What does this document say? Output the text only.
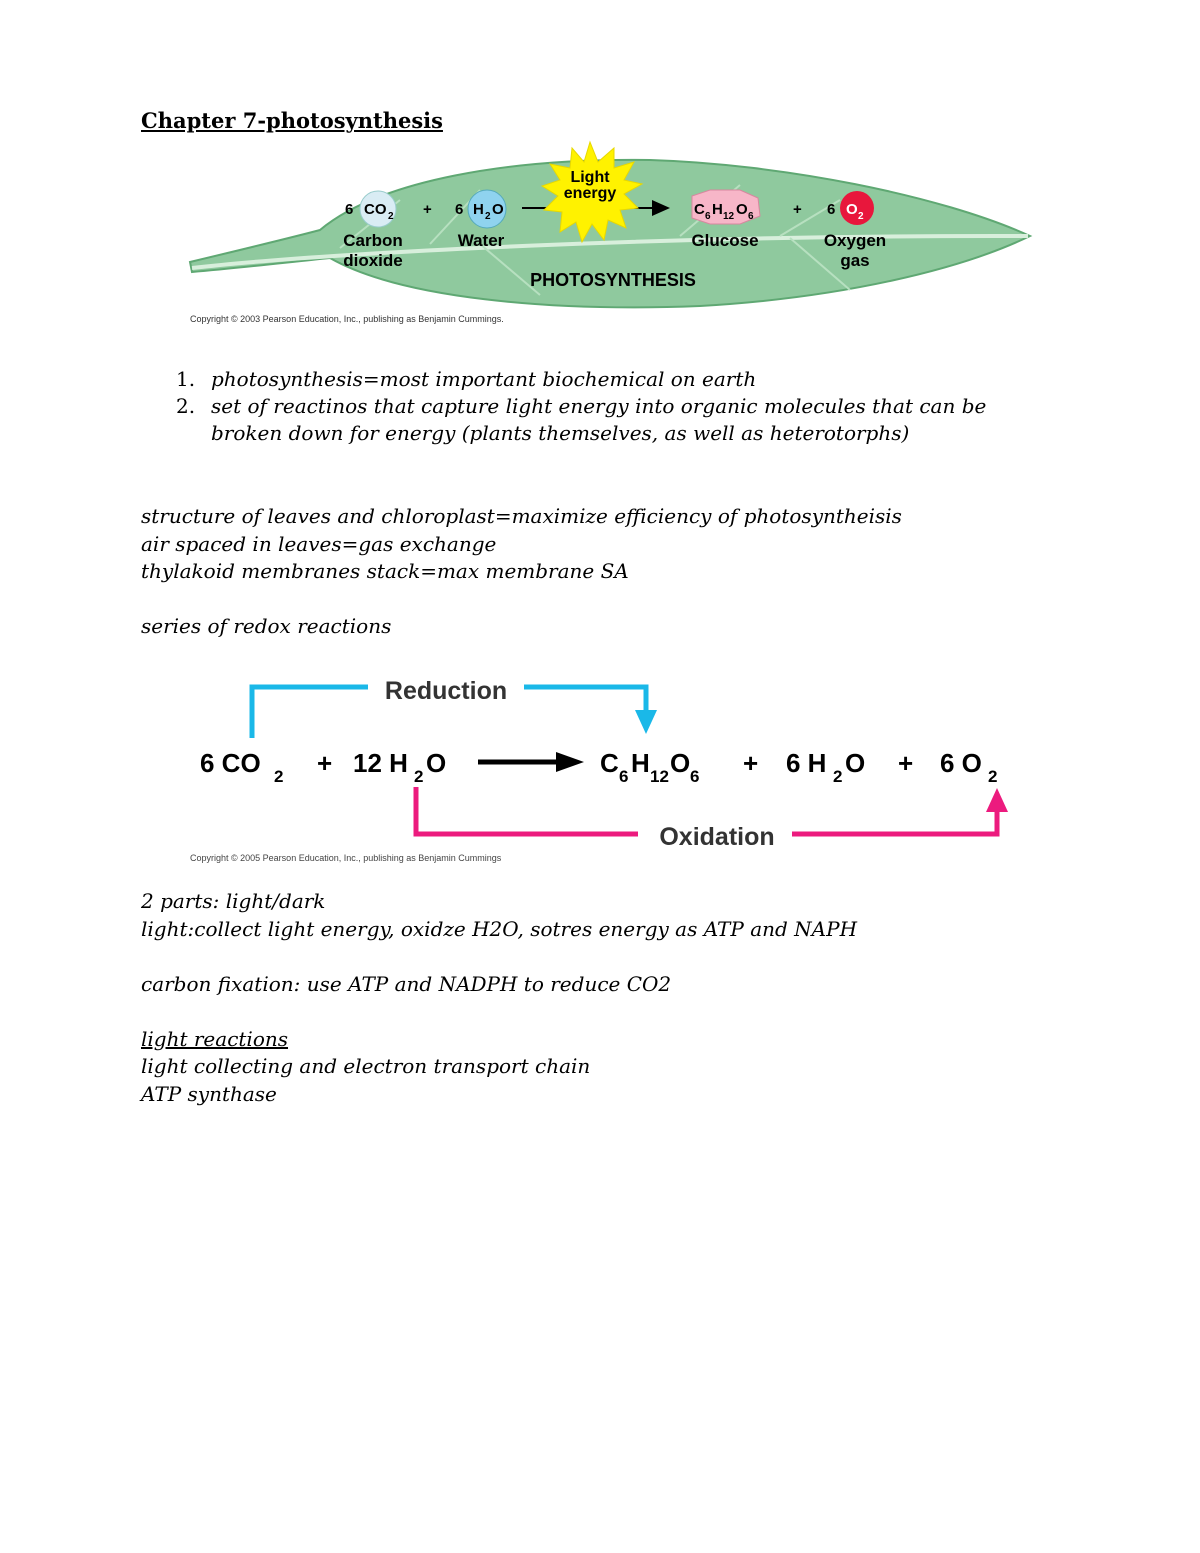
Chapter 7-photosynthesis
6 CO 2 + 6 H 2 O
Light
energy
C 6 H 12 O 6	+ 6 O 2
Carbon
dioxide
Water	Glucose	Oxygen
gas
PHOTOSYNTHESIS
Copyright © 2003 Pearson Education, Inc., publishing as Benjamin Cummings.
1. photosynthesis=most important biochemical on earth
2. set of reactinos that capture light energy into organic molecules that can be broken down for energy (plants themselves, as well as heterotorphs)
structure of leaves and chloroplast=maximize efficiency of photosyntheisis
air spaced in leaves=gas exchange
thylakoid membranes stack=max membrane SA
series of redox reactions
Reduction
6 CO 2 + 12 H 2 O	C 6 H 12 O 6 + 6 H 2 O + 6 O 2
Oxidation
Copyright © 2005 Pearson Education, Inc., publishing as Benjamin Cummings
2 parts: light/dark
light:collect light energy, oxidze H2O, sotres energy as ATP and NAPH
carbon fixation: use ATP and NADPH to reduce CO2
light reactions
light collecting and electron transport chain
ATP synthase
